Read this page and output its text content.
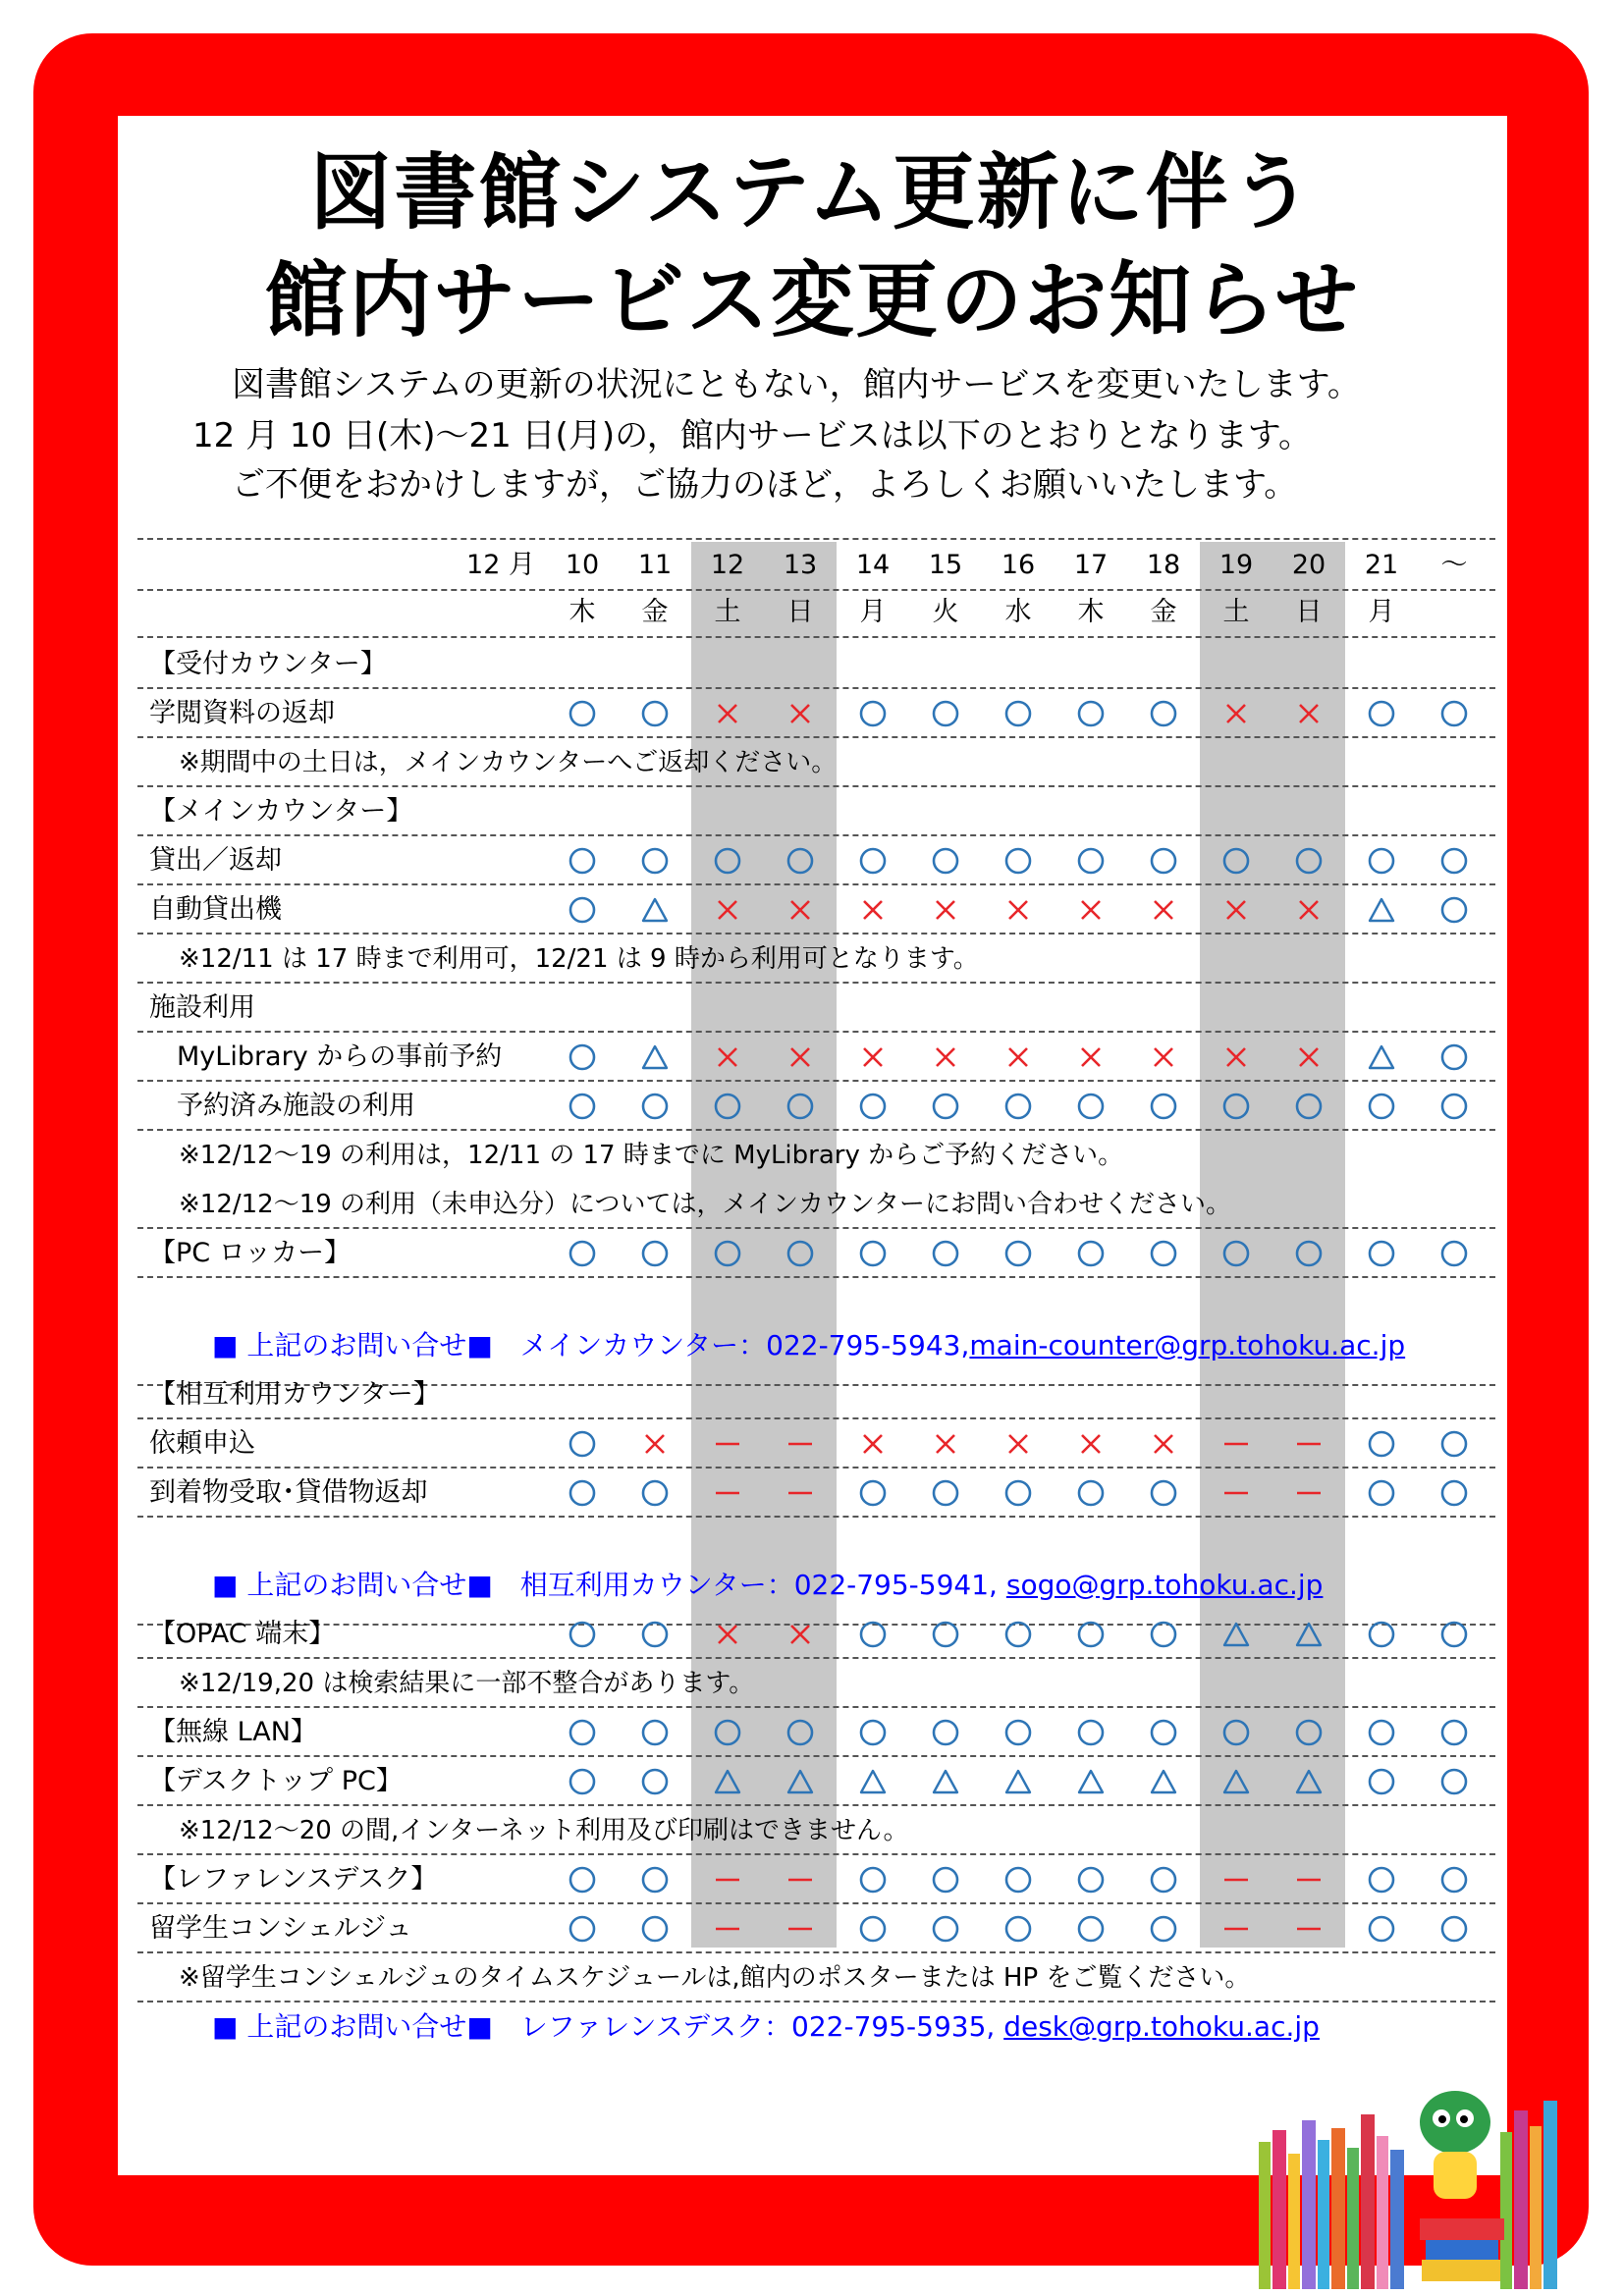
図書館システム更新に伴う
館内サービス変更のお知らせ
図書館システムの更新の状況にともない，館内サービスを変更いたします。
12 月 10 日(木)～21 日(月)の，館内サービスは以下のとおりとなります。
ご不便をおかけしますが，ご協力のほど，よろしくお願いいたします。
12 月	10
木
11
金
12
土
13
日
14
月
15
火
16
水
17
木
18
金
19
土
20
日
21
月
～
【受付カウンター】
学閲資料の返却
※期間中の土日は，メインカウンターへご返却ください。
【メインカウンター】
貸出／返却
自動貸出機
※12/11 は 17 時まで利用可，12/21 は 9 時から利用可となります。
施設利用
MyLibrary からの事前予約
予約済み施設の利用
※12/12～19 の利用は，12/11 の 17 時までに MyLibrary からご予約ください。
※12/12～19 の利用（未申込分）については，メインカウンターにお問い合わせください。
【PC ロッカー】
■ 上記のお問い合せ■　メインカウンター：022-795-5943,main-counter@grp.tohoku.ac.jp
【相互利用カウンター】
依頼申込
到着物受取･貸借物返却
■ 上記のお問い合せ■　相互利用カウンター：022-795-5941, sogo@grp.tohoku.ac.jp
【OPAC 端末】
※12/19,20 は検索結果に一部不整合があります。
【無線 LAN】
【デスクトップ PC】
※12/12～20 の間,インターネット利用及び印刷はできません。
【レファレンスデスク】
留学生コンシェルジュ
※留学生コンシェルジュのタイムスケジュールは,館内のポスターまたは HP をご覧ください。
■ 上記のお問い合せ■　レファレンスデスク：022-795-5935, desk@grp.tohoku.ac.jp
